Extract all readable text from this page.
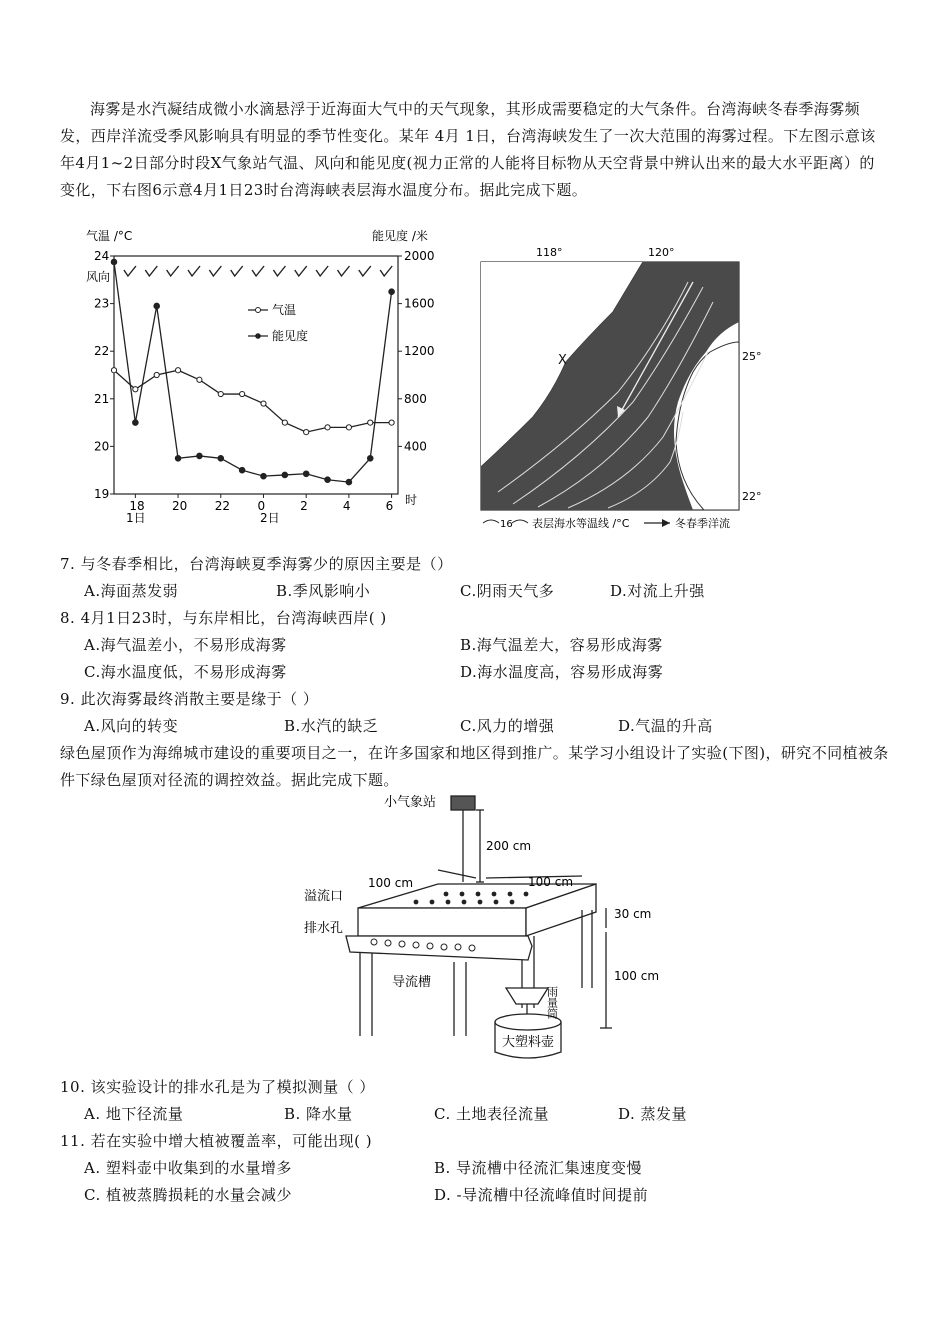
海雾是水汽凝结成微小水滴悬浮于近海面大气中的天气现象，其形成需要稳定的大气条件。台湾海峡冬春季海雾频发，西岸洋流受季风影响具有明显的季节性变化。某年 4月 1日，台湾海峡发生了一次大范围的海雾过程。下左图示意该年4月1~2日部分时段X气象站气温、风向和能见度(视力正常的人能将目标物从天空背景中辨认出来的最大水平距离）的变化，下右图6示意4月1日23时台湾海峡表层海水温度分布。据此完成下题。
19
20
21
22
23
24
400
800
1200
1600
2000
18 20 22 0	2	4	6
气温 /°C	能见度 /米
风向
气温
能见度
时
1日	2日
X
118°	120°
25°
22°
16 表层海水等温线 /°C	冬春季洋流
7. 与冬春季相比，台湾海峡夏季海雾少的原因主要是（）
A.海面蒸发弱	B.季风影响小	C.阴雨天气多	D.对流上升强
8. 4月1日23时，与东岸相比，台湾海峡西岸( )
A.海气温差小，不易形成海雾	B.海气温差大，容易形成海雾
C.海水温度低，不易形成海雾	D.海水温度高，容易形成海雾
9. 此次海雾最终消散主要是缘于（ ）
A.风向的转变	B.水汽的缺乏	C.风力的增强	D.气温的升高
绿色屋顶作为海绵城市建设的重要项目之一，在许多国家和地区得到推广。某学习小组设计了实验(下图)，研究不同植被条件下绿色屋顶对径流的调控效益。据此完成下题。
小气象站
200 cm
100 cm	100 cm
溢流口
排水孔
30 cm
100 cm
导流槽
雨量筒
大塑料壶
10. 该实验设计的排水孔是为了模拟测量（ ）
A. 地下径流量	B. 降水量	C. 土地表径流量	D. 蒸发量
11. 若在实验中增大植被覆盖率，可能出现( )
A. 塑料壶中收集到的水量增多	B. 导流槽中径流汇集速度变慢
C. 植被蒸腾损耗的水量会减少	D. -导流槽中径流峰值时间提前
